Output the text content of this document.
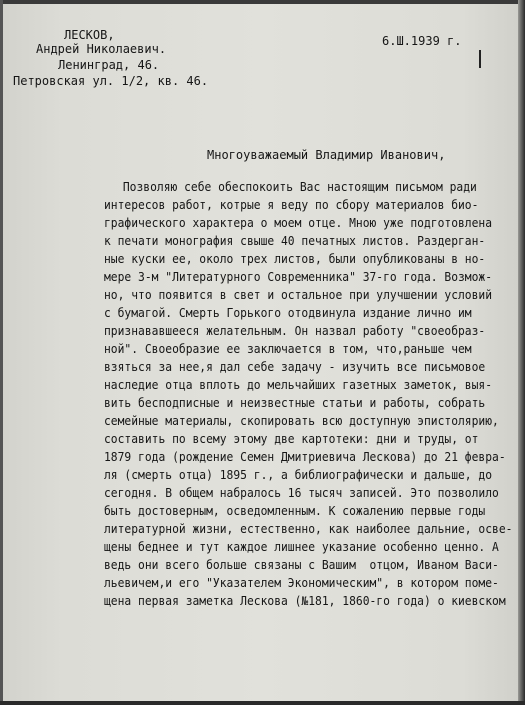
ЛЕСКОВ,
Андрей Николаевич.
Ленинград, 46.
Петровская ул. 1/2, кв. 46.
6.Ш.1939 г.
Многоуважаемый Владимир Иванович,
Позволяю себе обеспокоить Вас настоящим письмом ради
интересов работ, котрые я веду по сбору материалов био-
графического характера о моем отце. Мною уже подготовлена
к печати монография свыше 40 печатных листов. Раздерган-
ные куски ее, около трех листов, были опубликованы в но-
мере 3-м "Литературного Современника" 37-го года. Возмож-
но, что появится в свет и остальное при улучшении условий
с бумагой. Смерть Горького отодвинула издание лично им
признававшееся желательным. Он назвал работу "своеобраз-
ной". Своеобразие ее заключается в том, что,раньше чем
взяться за нее,я дал себе задачу - изучить все письмовое
наследие отца вплоть до мельчайших газетных заметок, выя-
вить бесподписные и неизвестные статьи и работы, собрать
семейные материалы, скопировать всю доступную эпистолярию,
составить по всему этому две картотеки: дни и труды, от
1879 года (рождение Семен Дмитриевича Лескова) до 21 февра-
ля (смерть отца) 1895 г., а библиографически и дальше, до
сегодня. В общем набралось 16 тысяч записей. Это позволило
быть достоверным, осведомленным. К сожалению первые годы
литературной жизни, естественно, как наиболее дальние, осве-
щены беднее и тут каждое лишнее указание особенно ценно. А
ведь они всего больше связаны с Вашим  отцом, Иваном Васи-
льевичем,и его "Указателем Экономическим", в котором поме-
щена первая заметка Лескова (№181, 1860-го года) о киевском
